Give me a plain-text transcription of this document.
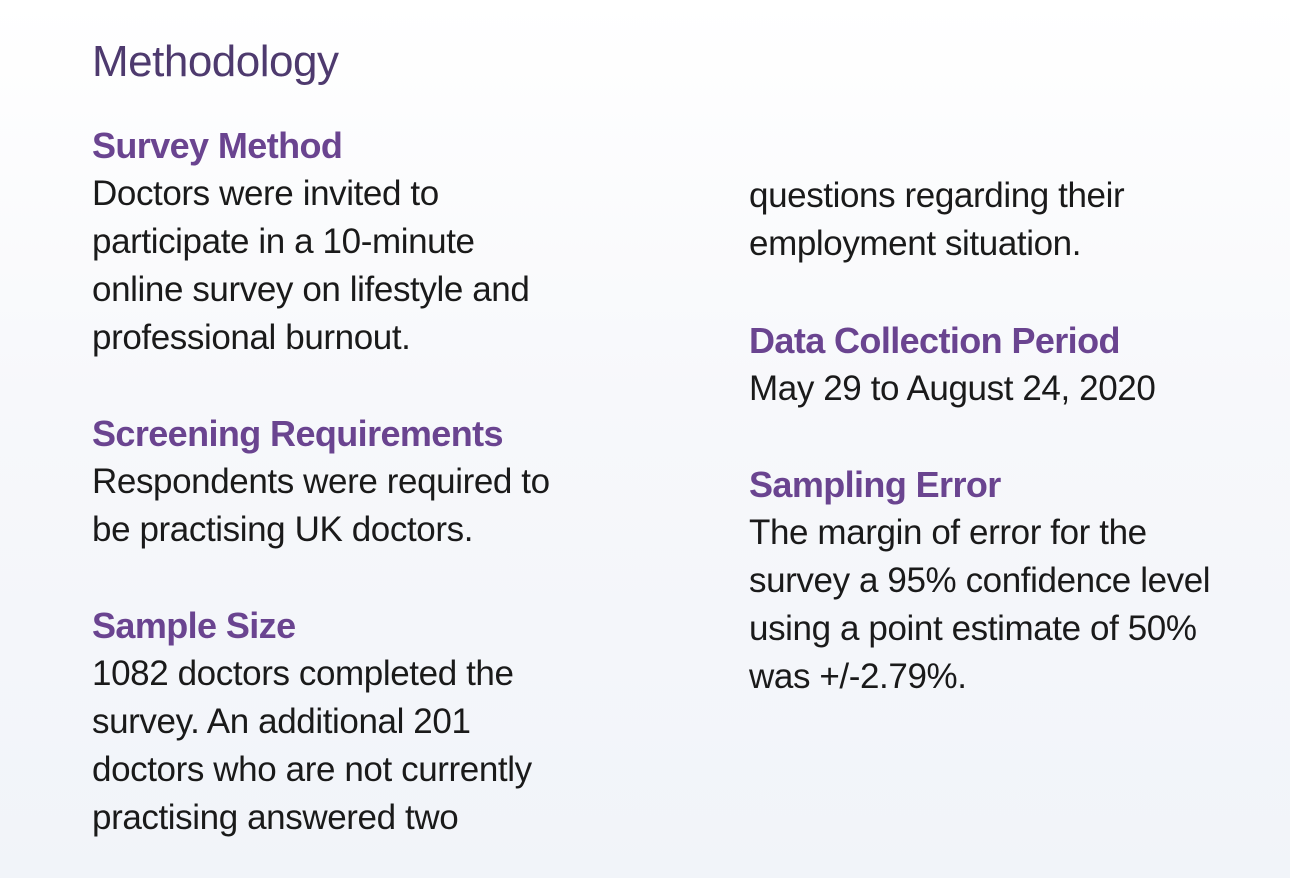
Methodology
Survey Method

Doctors were invited to
participate in a 10-minute
online survey on lifestyle and
professional burnout.

Screening Requirements

Respondents were required to
be practising UK doctors.

Sample Size

1082 doctors completed the
survey. An additional 201
doctors who are not currently
practising answered two

questions regarding their
employment situation.

Data Collection Period

May 29 to August 24, 2020

Sampling Error

The margin of error for the
survey a 95% confidence level
using a point estimate of 50%
was +/-2.79%.
